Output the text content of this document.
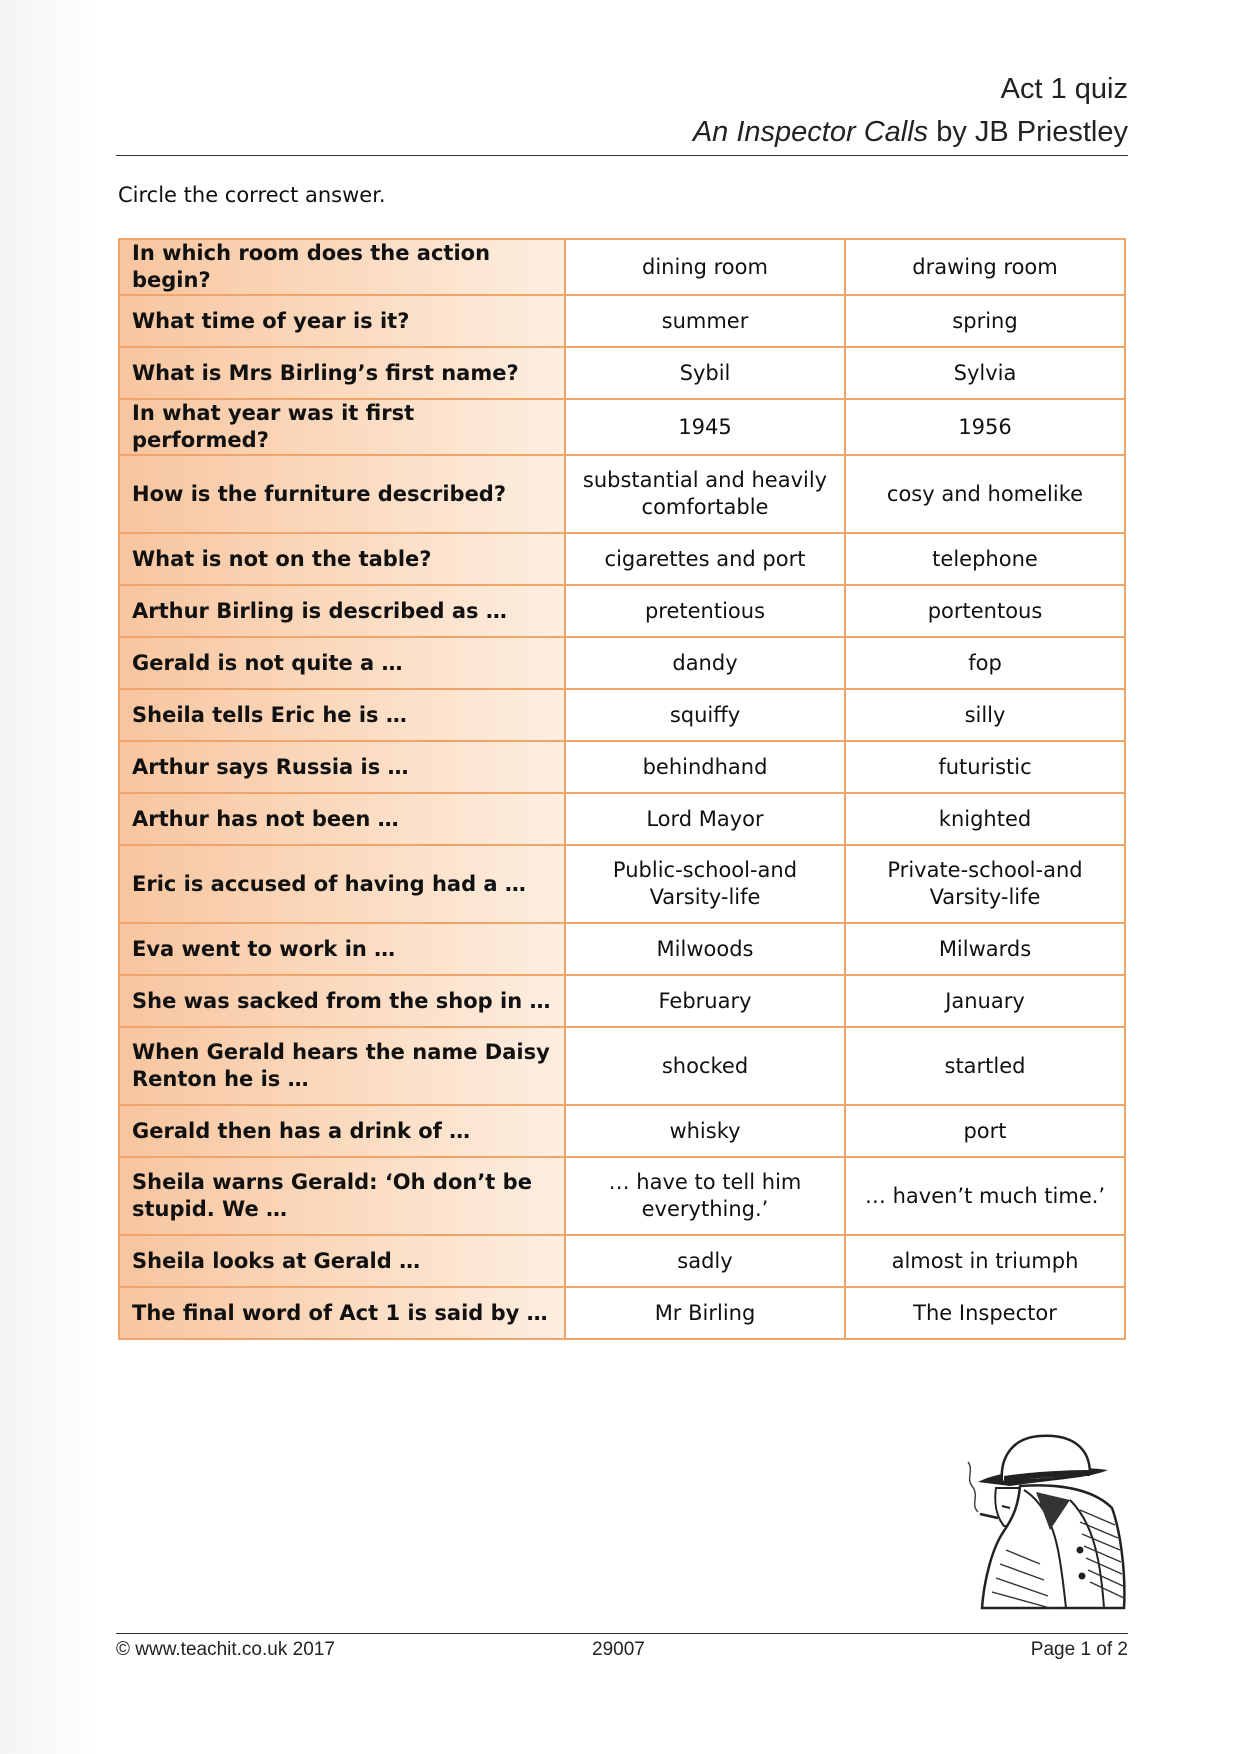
Act 1 quiz
An Inspector Calls by JB Priestley
Circle the correct answer.
In which room does the action begin?	dining room	drawing room
What time of year is it?	summer	spring
What is Mrs Birling’s first name?	Sybil	Sylvia
In what year was it first performed?	1945	1956
How is the furniture described?	substantial and heavily comfortable	cosy and homelike
What is not on the table?	cigarettes and port	telephone
Arthur Birling is described as …	pretentious	portentous
Gerald is not quite a …	dandy	fop
Sheila tells Eric he is …	squiffy	silly
Arthur says Russia is …	behindhand	futuristic
Arthur has not been …	Lord Mayor	knighted
Eric is accused of having had a …	Public-school-and Varsity-life	Private-school-and Varsity-life
Eva went to work in …	Milwoods	Milwards
She was sacked from the shop in …	February	January
When Gerald hears the name Daisy Renton he is …	shocked	startled
Gerald then has a drink of …	whisky	port
Sheila warns Gerald: ‘Oh don’t be stupid. We …	… have to tell him everything.’	… haven’t much time.’
Sheila looks at Gerald …	sadly	almost in triumph
The final word of Act 1 is said by …	Mr Birling	The Inspector
© www.teachit.co.uk 2017	29007	Page 1 of 2
